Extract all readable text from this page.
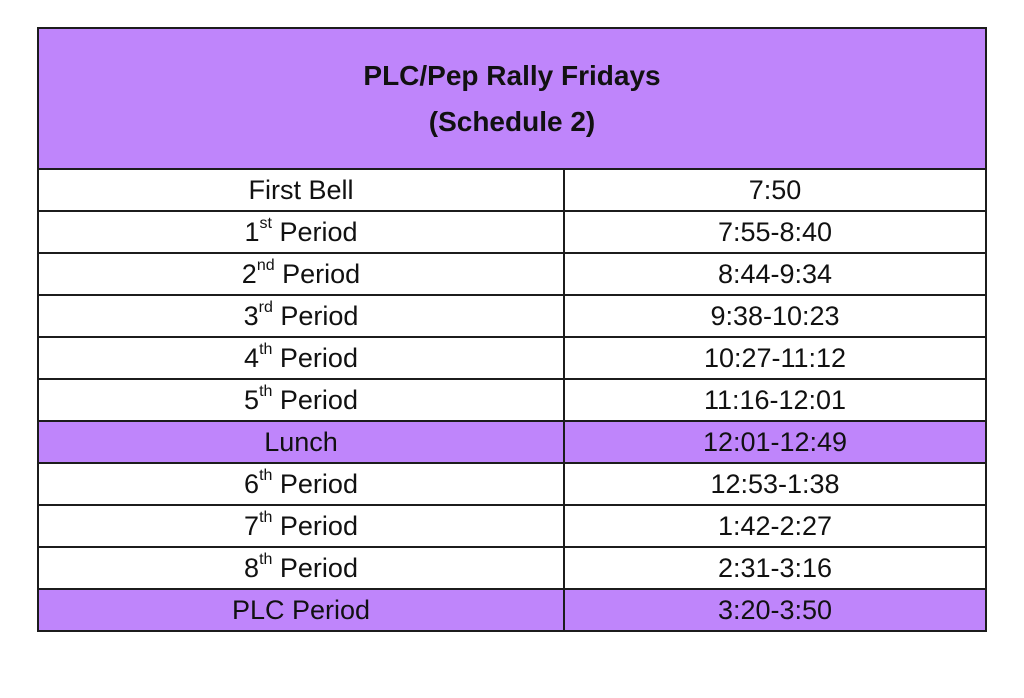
PLC/Pep Rally Fridays
(Schedule 2)	

First Bell	7:50
1st Period	7:55-8:40
2nd Period	8:44-9:34
3rd Period	9:38-10:23
4th Period	10:27-11:12
5th Period	11:16-12:01
Lunch	12:01-12:49
6th Period	12:53-1:38
7th Period	1:42-2:27
8th Period	2:31-3:16
PLC Period	3:20-3:50
